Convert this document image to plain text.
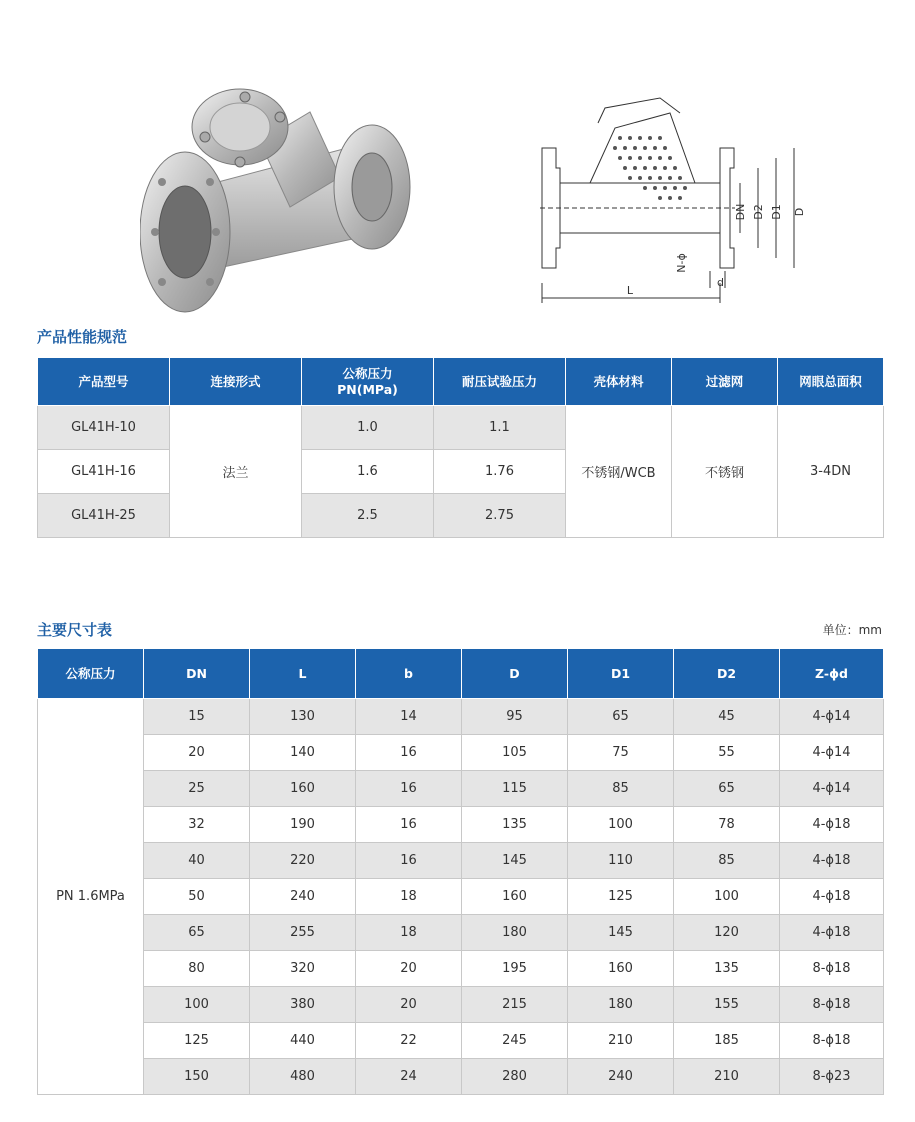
DN D2 D1 D
L
N-ϕ
d
产品性能规范
产品型号	连接形式	公称压力
PN(MPa)	耐压试验压力	壳体材料	过滤网	网眼总面积
GL41H-10	法兰	1.0	1.1	不锈钢/WCB	不锈钢	3-4DN
GL41H-16		1.6	1.76			
GL41H-25		2.5	2.75			
主要尺寸表	单位：mm
公称压力	DN	L	b	D	D1	D2	Z-ϕd
PN 1.6MPa	15	130	14	95	65	45	4-ϕ14
	20	140	16	105	75	55	4-ϕ14
	25	160	16	115	85	65	4-ϕ14
	32	190	16	135	100	78	4-ϕ18
	40	220	16	145	110	85	4-ϕ18
	50	240	18	160	125	100	4-ϕ18
	65	255	18	180	145	120	4-ϕ18
	80	320	20	195	160	135	8-ϕ18
	100	380	20	215	180	155	8-ϕ18
	125	440	22	245	210	185	8-ϕ18
	150	480	24	280	240	210	8-ϕ23
